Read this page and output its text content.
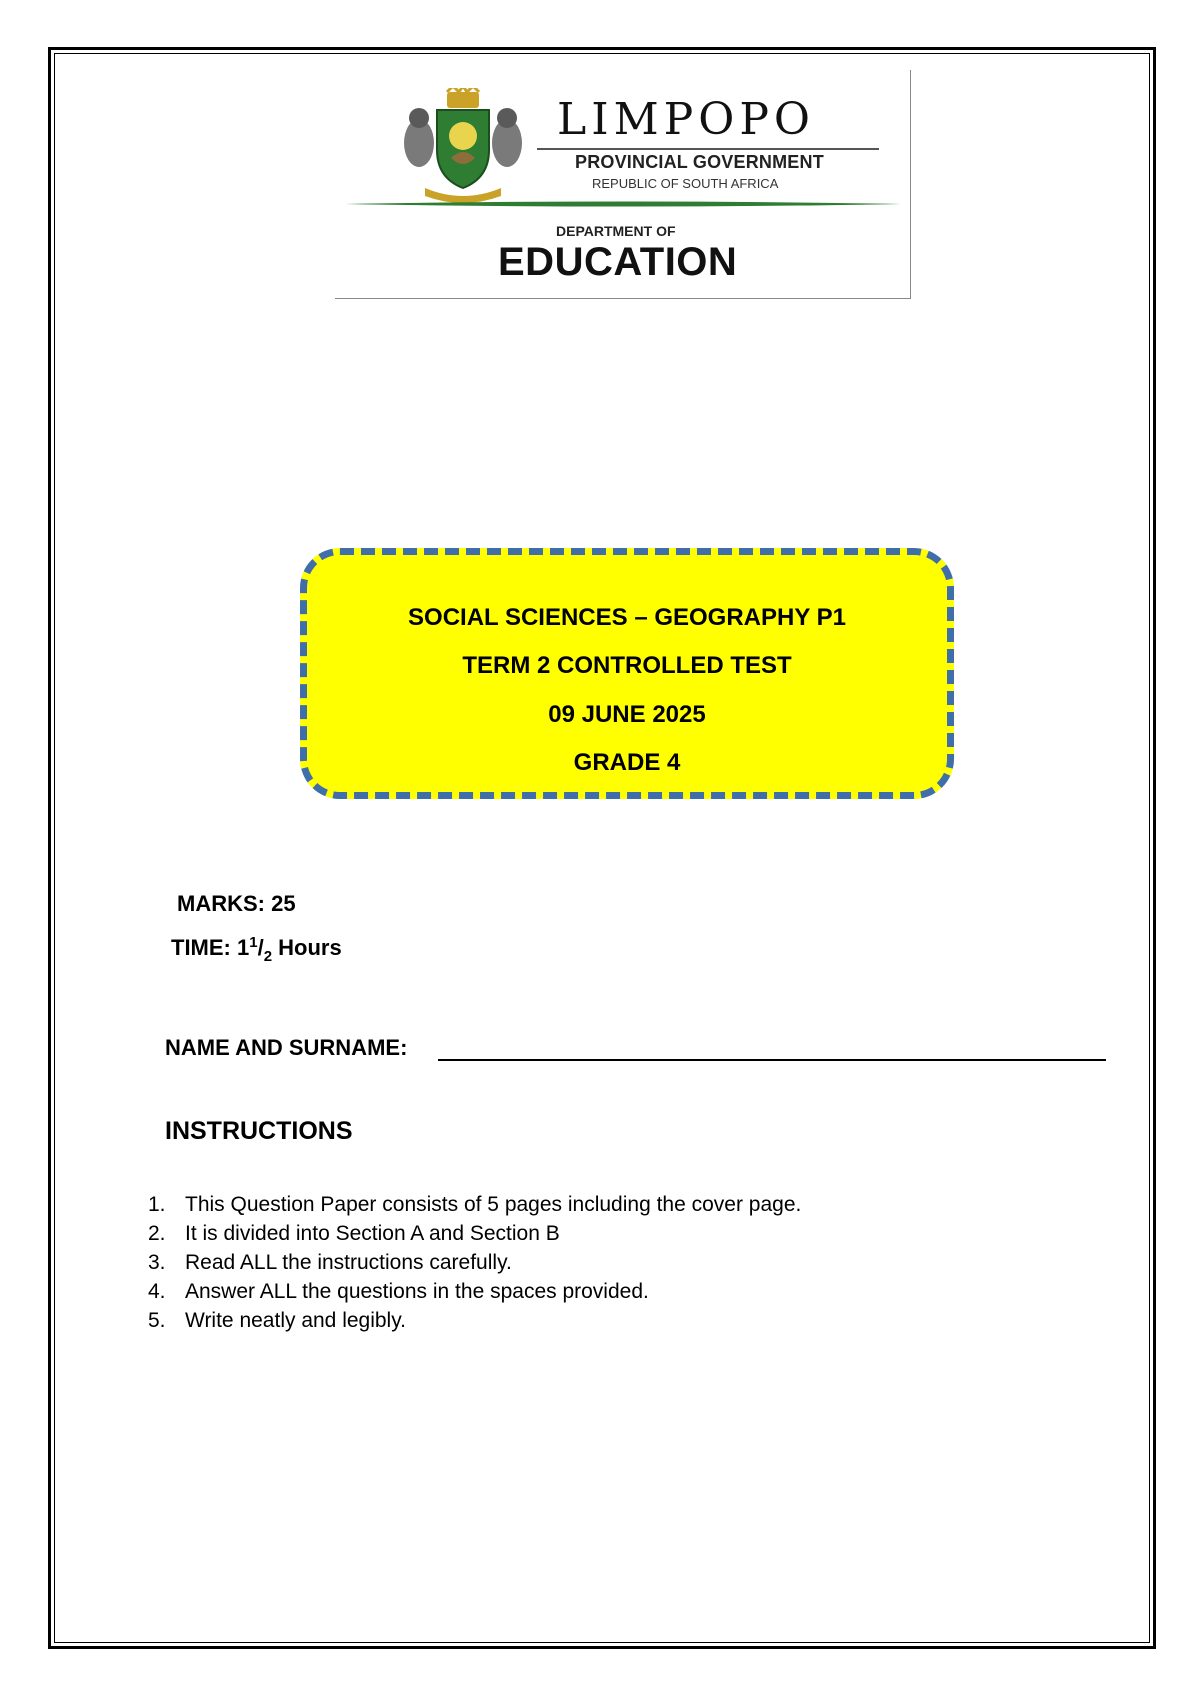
LIMPOPO
PROVINCIAL GOVERNMENT
REPUBLIC OF SOUTH AFRICA
DEPARTMENT OF
EDUCATION
SOCIAL SCIENCES – GEOGRAPHY P1
TERM 2 CONTROLLED TEST
09 JUNE 2025
GRADE 4
MARKS: 25
TIME: $1^1/_2$ Hours
NAME AND SURNAME:
INSTRUCTIONS
1. This Question Paper consists of 5 pages including the cover page.
2. It is divided into Section A and Section B
3. Read ALL the instructions carefully.
4. Answer ALL the questions in the spaces provided.
5. Write neatly and legibly.
